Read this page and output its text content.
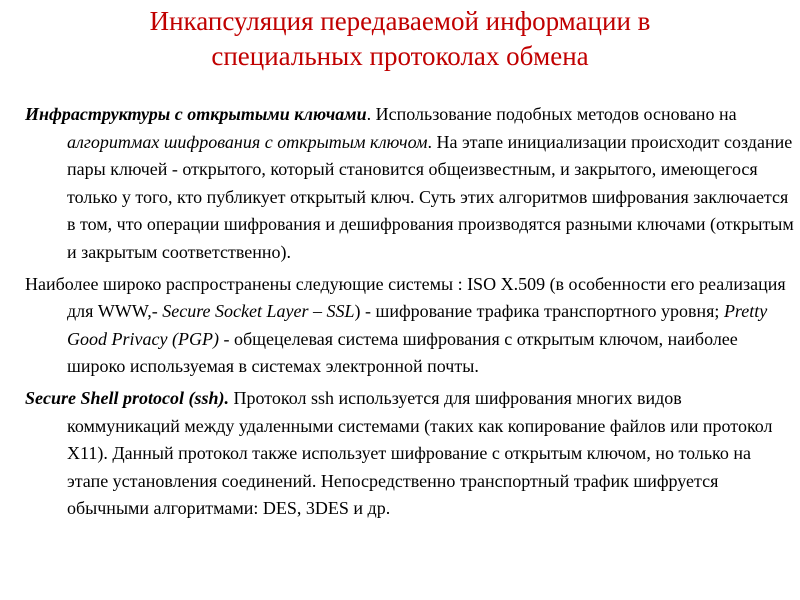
Инкапсуляция передаваемой информации в
специальных протоколах обмена

Инфраструктуры с открытыми ключами. Использование подобных методов основано на алгоритмах шифрования с открытым ключом. На этапе инициализации происходит создание пары ключей - открытого, который становится общеизвестным, и закрытого, имеющегося только у того, кто публикует открытый ключ. Суть этих алгоритмов шифрования заключается в том, что операции шифрования и дешифрования производятся разными ключами (открытым и закрытым соответственно).

Наиболее широко распространены следующие системы : ISO X.509 (в особенности его реализация для WWW,- Secure Socket Layer – SSL) - шифрование трафика транспортного уровня; Pretty Good Privacy (PGP) - общецелевая система шифрования с открытым ключом, наиболее широко используемая в системах электронной почты.

Secure Shell protocol (ssh). Протокол ssh используется для шифрования многих видов коммуникаций между удаленными системами (таких как копирование файлов или протокол X11). Данный протокол также использует шифрование с открытым ключом, но только на этапе установления соединений. Непосредственно транспортный трафик шифруется обычными алгоритмами: DES, 3DES и др.
